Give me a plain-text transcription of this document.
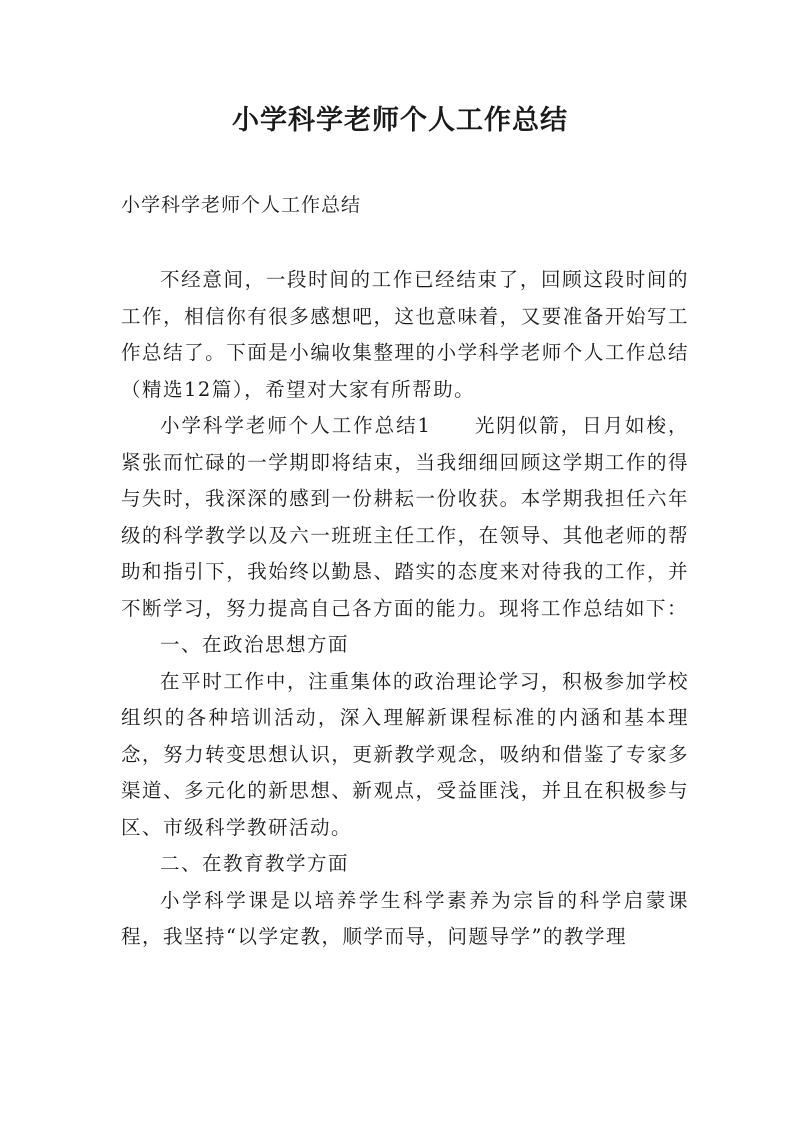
小学科学老师个人工作总结

小学科学老师个人工作总结

不经意间，一段时间的工作已经结束了，回顾这段时间的工作，相信你有很多感想吧，这也意味着，又要准备开始写工作总结了。下面是小编收集整理的小学科学老师个人工作总结（精选12篇），希望对大家有所帮助。

小学科学老师个人工作总结1　　光阴似箭，日月如梭，紧张而忙碌的一学期即将结束，当我细细回顾这学期工作的得与失时，我深深的感到一份耕耘一份收获。本学期我担任六年级的科学教学以及六一班班主任工作，在领导、其他老师的帮助和指引下，我始终以勤恳、踏实的态度来对待我的工作，并不断学习，努力提高自己各方面的能力。现将工作总结如下：

一、在政治思想方面

在平时工作中，注重集体的政治理论学习，积极参加学校组织的各种培训活动，深入理解新课程标准的内涵和基本理念，努力转变思想认识，更新教学观念，吸纳和借鉴了专家多渠道、多元化的新思想、新观点，受益匪浅，并且在积极参与区、市级科学教研活动。

二、在教育教学方面

小学科学课是以培养学生科学素养为宗旨的科学启蒙课程，我坚持“以学定教，顺学而导，问题导学”的教学理
